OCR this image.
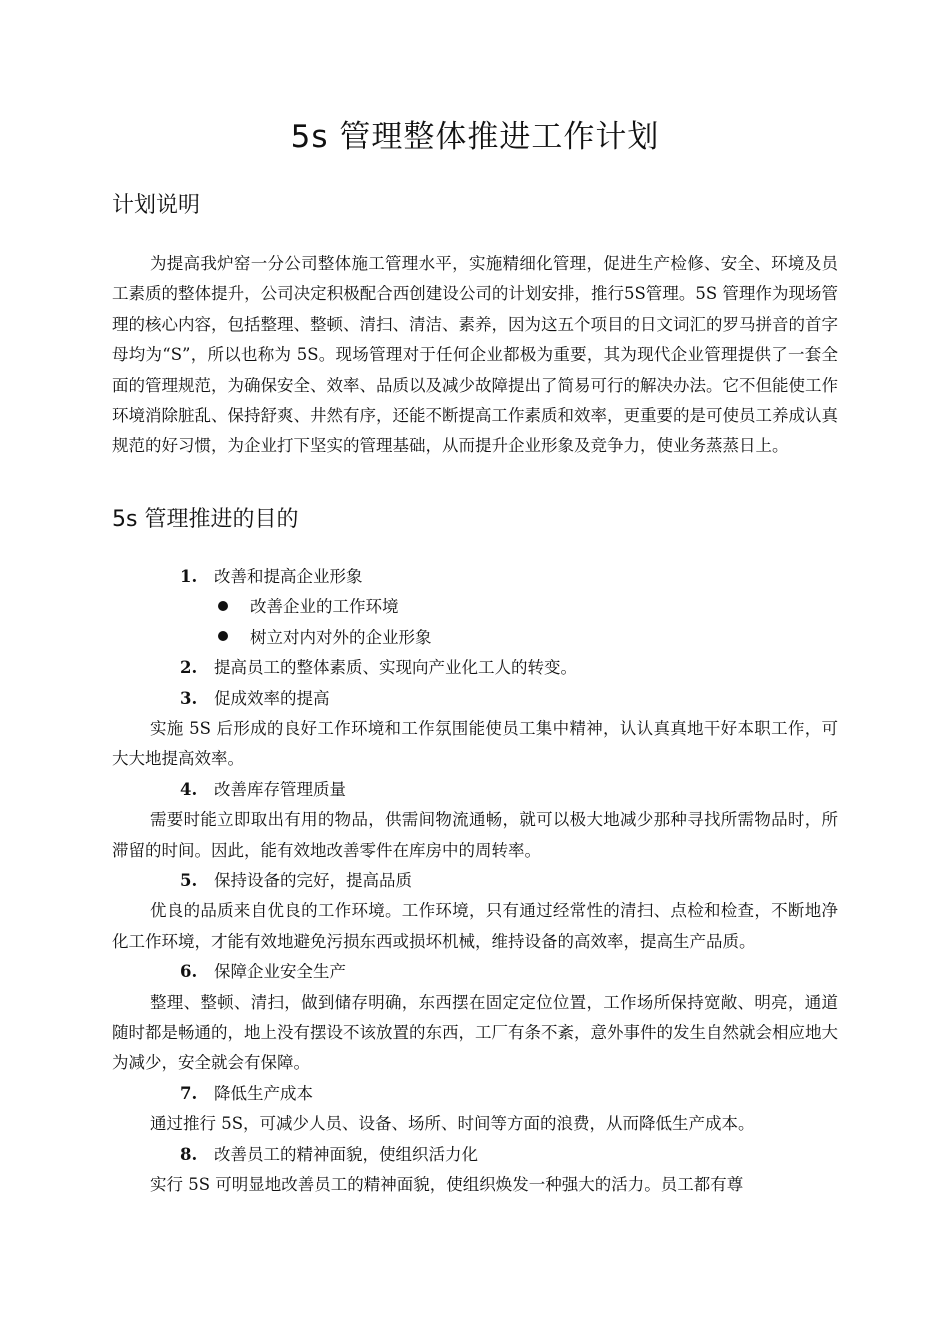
5s 管理整体推进工作计划
计划说明

为提高我炉窑一分公司整体施工管理水平，实施精细化管理，促进生产检修、安全、环境及员工素质的整体提升，公司决定积极配合西创建设公司的计划安排，推行5S管理。5S 管理作为现场管理的核心内容，包括整理、整顿、清扫、清洁、素养，因为这五个项目的日文词汇的罗马拼音的首字母均为“S”，所以也称为 5S。现场管理对于任何企业都极为重要，其为现代企业管理提供了一套全面的管理规范，为确保安全、效率、品质以及减少故障提出了简易可行的解决办法。它不但能使工作环境消除脏乱、保持舒爽、井然有序，还能不断提高工作素质和效率，更重要的是可使员工养成认真规范的好习惯，为企业打下坚实的管理基础，从而提升企业形象及竞争力，使业务蒸蒸日上。

5s 管理推进的目的
1. 改善和提高企业形象
改善企业的工作环境
树立对内对外的企业形象
2. 提高员工的整体素质、实现向产业化工人的转变。
3. 促成效率的提高

实施 5S 后形成的良好工作环境和工作氛围能使员工集中精神，认认真真地干好本职工作，可大大地提高效率。

4. 改善库存管理质量

需要时能立即取出有用的物品，供需间物流通畅，就可以极大地减少那种寻找所需物品时，所滞留的时间。因此，能有效地改善零件在库房中的周转率。

5. 保持设备的完好，提高品质

优良的品质来自优良的工作环境。工作环境，只有通过经常性的清扫、点检和检查，不断地净化工作环境，才能有效地避免污损东西或损坏机械，维持设备的高效率，提高生产品质。

6. 保障企业安全生产

整理、整顿、清扫，做到储存明确，东西摆在固定定位位置，工作场所保持宽敞、明亮，通道随时都是畅通的，地上没有摆设不该放置的东西，工厂有条不紊，意外事件的发生自然就会相应地大为减少，安全就会有保障。

7. 降低生产成本

通过推行 5S，可减少人员、设备、场所、时间等方面的浪费，从而降低生产成本。

8. 改善员工的精神面貌，使组织活力化

实行 5S 可明显地改善员工的精神面貌，使组织焕发一种强大的活力。员工都有尊
